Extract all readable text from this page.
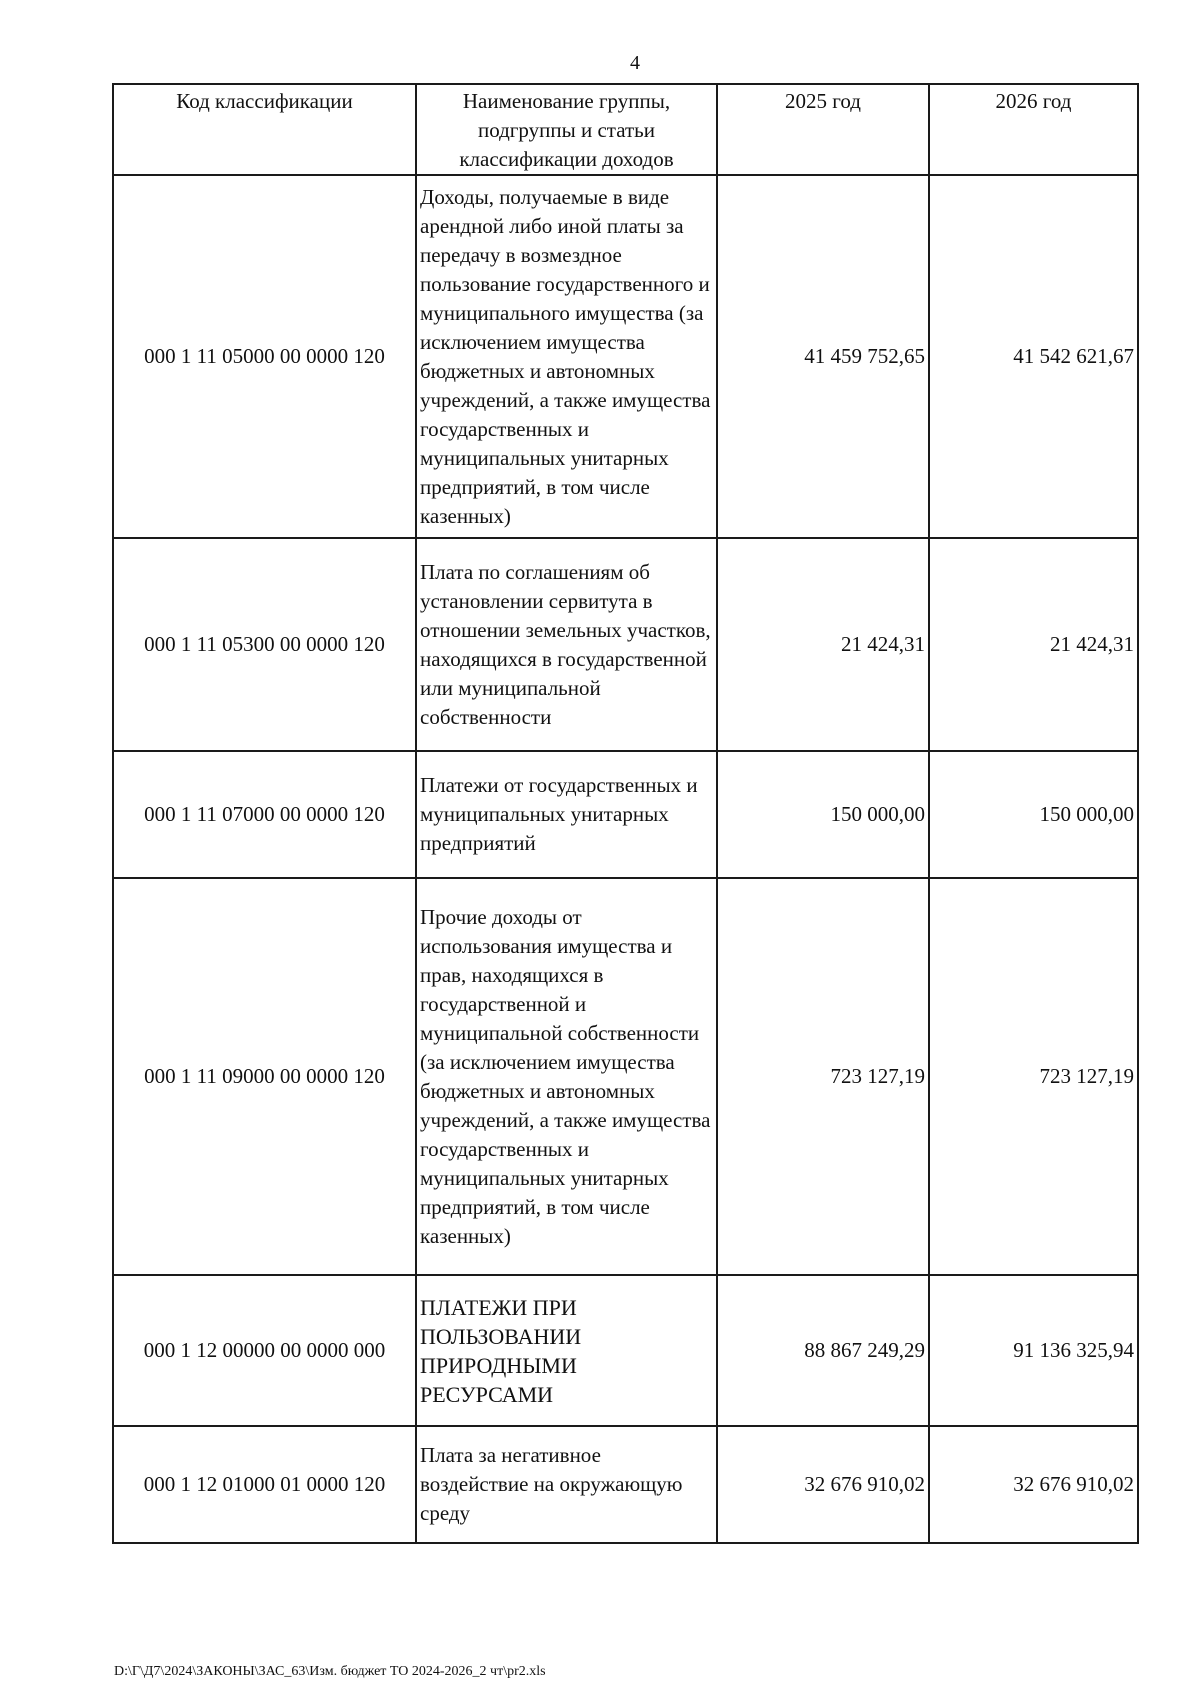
4
Код классификации	Наименование группы, подгруппы и статьи классификации доходов	2025 год	2026 год
000 1 11 05000 00 0000 120	Доходы, получаемые в виде арендной либо иной платы за передачу в возмездное пользование государственного и муниципального имущества (за исключением имущества бюджетных и автономных учреждений, а также имущества государственных и муниципальных унитарных предприятий, в том числе казенных)	41 459 752,65	41 542 621,67
000 1 11 05300 00 0000 120	Плата по соглашениям об установлении сервитута в отношении земельных участков, находящихся в государственной или муниципальной собственности	21 424,31	21 424,31
000 1 11 07000 00 0000 120	Платежи от государственных и муниципальных унитарных предприятий	150 000,00	150 000,00
000 1 11 09000 00 0000 120	Прочие доходы от использования имущества и прав, находящихся в государственной и муниципальной собственности (за исключением имущества бюджетных и автономных учреждений, а также имущества государственных и муниципальных унитарных предприятий, в том числе казенных)	723 127,19	723 127,19
000 1 12 00000 00 0000 000	ПЛАТЕЖИ ПРИ ПОЛЬЗОВАНИИ ПРИРОДНЫМИ РЕСУРСАМИ	88 867 249,29	91 136 325,94
000 1 12 01000 01 0000 120	Плата за негативное воздействие на окружающую среду	32 676 910,02	32 676 910,02
D:\Г\Д7\2024\ЗАКОНЫ\ЗАС_63\Изм. бюджет ТО 2024-2026_2 чт\pr2.xls
